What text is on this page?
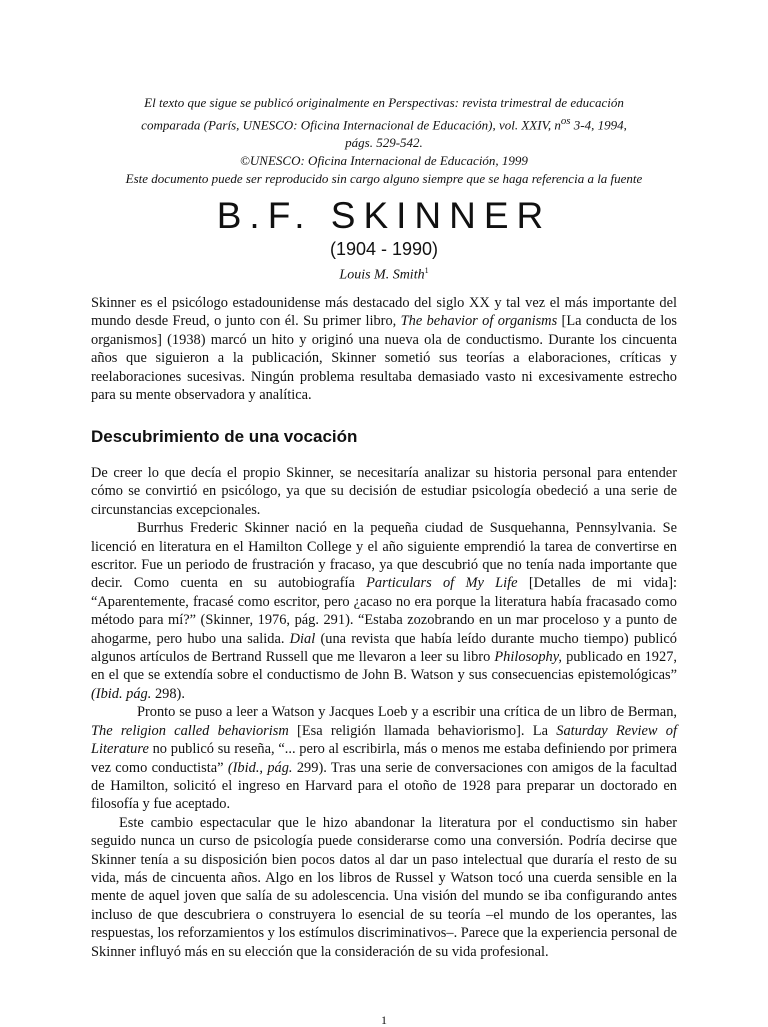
El texto que sigue se publicó originalmente en Perspectivas: revista trimestral de educación
comparada (París, UNESCO: Oficina Internacional de Educación), vol. XXIV, $n^{os}$ 3-4, 1994,
págs. 529-542.
©UNESCO: Oficina Internacional de Educación, 1999
Este documento puede ser reproducido sin cargo alguno siempre que se haga referencia a la fuente
B.F. SKINNER
(1904 - 1990)
Louis M. Smith$^1$
Skinner es el psicólogo estadounidense más destacado del siglo XX y tal vez el más importante del mundo desde Freud, o junto con él. Su primer libro, The behavior of organisms [La conducta de los organismos] (1938) marcó un hito y originó una nueva ola de conductismo. Durante los cincuenta años que siguieron a la publicación, Skinner sometió sus teorías a elaboraciones, críticas y reelaboraciones sucesivas. Ningún problema resultaba demasiado vasto ni excesivamente estrecho para su mente observadora y analítica.
Descubrimiento de una vocación

De creer lo que decía el propio Skinner, se necesitaría analizar su historia personal para entender cómo se convirtió en psicólogo, ya que su decisión de estudiar psicología obedeció a una serie de circunstancias excepcionales.

Burrhus Frederic Skinner nació en la pequeña ciudad de Susquehanna, Pennsylvania. Se licenció en literatura en el Hamilton College y el año siguiente emprendió la tarea de convertirse en escritor. Fue un periodo de frustración y fracaso, ya que descubrió que no tenía nada importante que decir. Como cuenta en su autobiografía Particulars of My Life [Detalles de mi vida]: “Aparentemente, fracasé como escritor, pero ¿acaso no era porque la literatura había fracasado como método para mí?” (Skinner, 1976, pág. 291). “Estaba zozobrando en un mar proceloso y a punto de ahogarme, pero hubo una salida. Dial (una revista que había leído durante mucho tiempo) publicó algunos artículos de Bertrand Russell que me llevaron a leer su libro Philosophy, publicado en 1927, en el que se extendía sobre el conductismo de John B. Watson y sus consecuencias epistemológicas” (Ibid. pág. 298).

Pronto se puso a leer a Watson y Jacques Loeb y a escribir una crítica de un libro de Berman, The religion called behaviorism [Esa religión llamada behaviorismo]. La Saturday Review of Literature no publicó su reseña, “... pero al escribirla, más o menos me estaba definiendo por primera vez como conductista” (Ibid., pág. 299). Tras una serie de conversaciones con amigos de la facultad de Hamilton, solicitó el ingreso en Harvard para el otoño de 1928 para preparar un doctorado en filosofía y fue aceptado.

Este cambio espectacular que le hizo abandonar la literatura por el conductismo sin haber seguido nunca un curso de psicología puede considerarse como una conversión. Podría decirse que Skinner tenía a su disposición bien pocos datos al dar un paso intelectual que duraría el resto de su vida, más de cincuenta años. Algo en los libros de Russel y Watson tocó una cuerda sensible en la mente de aquel joven que salía de su adolescencia. Una visión del mundo se iba configurando antes incluso de que descubriera o construyera lo esencial de su teoría –el mundo de los operantes, las respuestas, los reforzamientos y los estímulos discriminativos–. Parece que la experiencia personal de Skinner influyó más en su elección que la consideración de su vida profesional.

1
